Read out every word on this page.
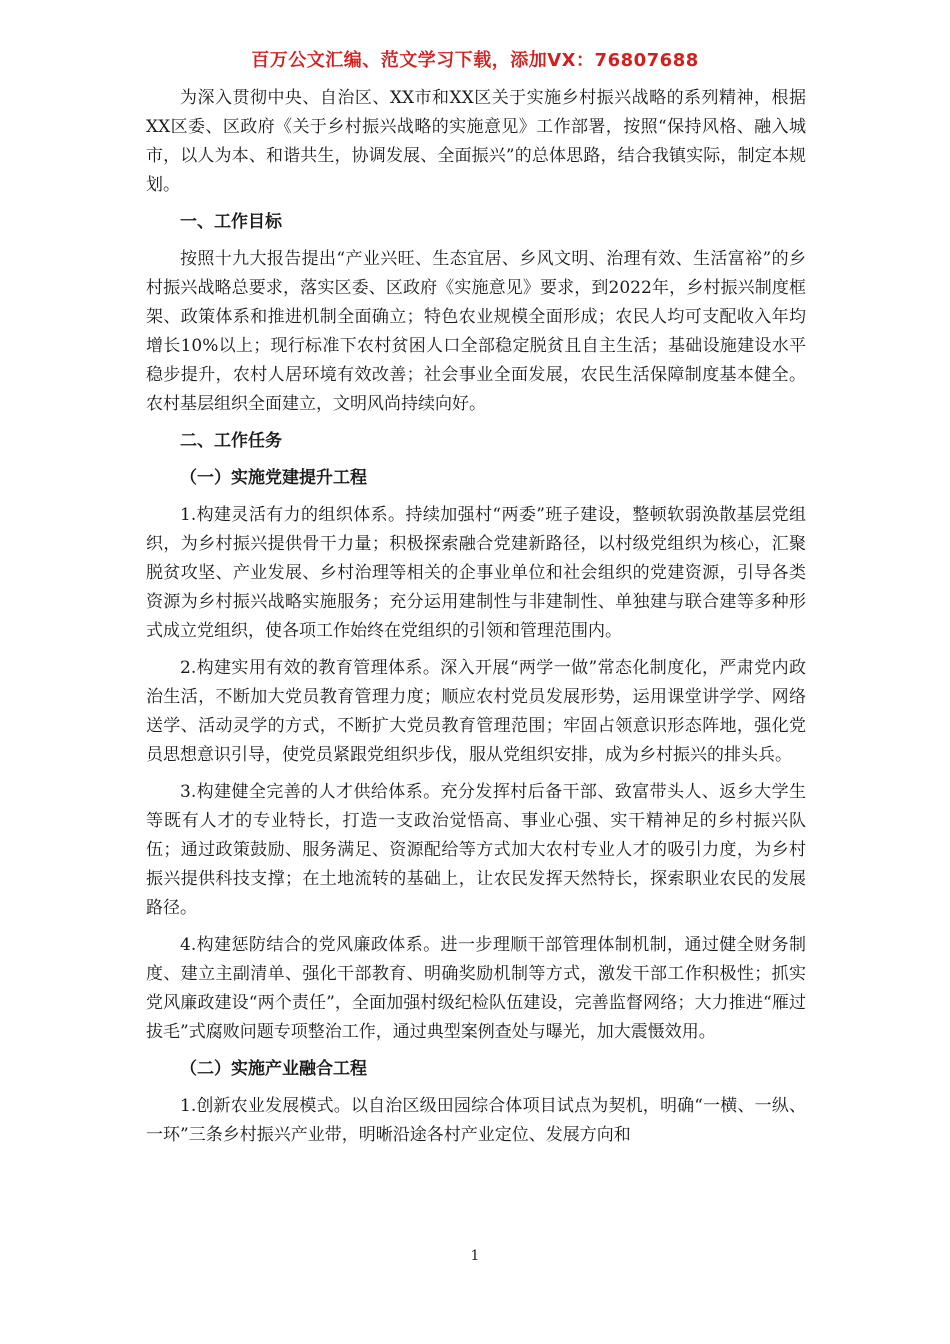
百万公文汇编、范文学习下载，添加VX：76807688

为深入贯彻中央、自治区、XX市和XX区关于实施乡村振兴战略的系列精神，根据XX区委、区政府《关于乡村振兴战略的实施意见》工作部署，按照“保持风格、融入城市，以人为本、和谐共生，协调发展、全面振兴”的总体思路，结合我镇实际，制定本规划。

一、工作目标

按照十九大报告提出“产业兴旺、生态宜居、乡风文明、治理有效、生活富裕”的乡村振兴战略总要求，落实区委、区政府《实施意见》要求，到2022年，乡村振兴制度框架、政策体系和推进机制全面确立；特色农业规模全面形成；农民人均可支配收入年均增长10%以上；现行标准下农村贫困人口全部稳定脱贫且自主生活；基础设施建设水平稳步提升，农村人居环境有效改善；社会事业全面发展，农民生活保障制度基本健全。农村基层组织全面建立，文明风尚持续向好。

二、工作任务
（一）实施党建提升工程

1.构建灵活有力的组织体系。持续加强村“两委”班子建设，整顿软弱涣散基层党组织，为乡村振兴提供骨干力量；积极探索融合党建新路径，以村级党组织为核心，汇聚脱贫攻坚、产业发展、乡村治理等相关的企事业单位和社会组织的党建资源，引导各类资源为乡村振兴战略实施服务；充分运用建制性与非建制性、单独建与联合建等多种形式成立党组织，使各项工作始终在党组织的引领和管理范围内。

2.构建实用有效的教育管理体系。深入开展“两学一做”常态化制度化，严肃党内政治生活，不断加大党员教育管理力度；顺应农村党员发展形势，运用课堂讲学学、网络送学、活动灵学的方式，不断扩大党员教育管理范围；牢固占领意识形态阵地，强化党员思想意识引导，使党员紧跟党组织步伐，服从党组织安排，成为乡村振兴的排头兵。

3.构建健全完善的人才供给体系。充分发挥村后备干部、致富带头人、返乡大学生等既有人才的专业特长，打造一支政治觉悟高、事业心强、实干精神足的乡村振兴队伍；通过政策鼓励、服务满足、资源配给等方式加大农村专业人才的吸引力度，为乡村振兴提供科技支撑；在土地流转的基础上，让农民发挥天然特长，探索职业农民的发展路径。

4.构建惩防结合的党风廉政体系。进一步理顺干部管理体制机制，通过健全财务制度、建立主副清单、强化干部教育、明确奖励机制等方式，激发干部工作积极性；抓实党风廉政建设“两个责任”，全面加强村级纪检队伍建设，完善监督网络；大力推进“雁过拔毛”式腐败问题专项整治工作，通过典型案例查处与曝光，加大震慑效用。

（二）实施产业融合工程

1.创新农业发展模式。以自治区级田园综合体项目试点为契机，明确“一横、一纵、一环”三条乡村振兴产业带，明晰沿途各村产业定位、发展方向和

1
